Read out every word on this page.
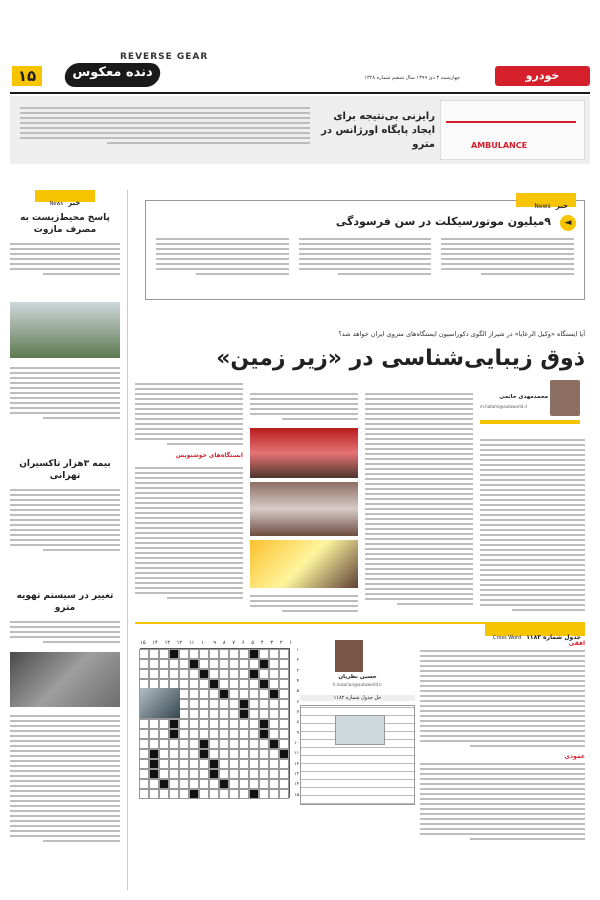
۱۵
REVERSE GEAR
دنده معکوس	چهارشنبه ۳ دی ۱۳۹۹ سال ششم شماره ۱۳۲۸	خودرو
AMBULANCE
رایزنی بی‌نتیجه برای ایجاد پایگاه اورژانس در مترو
خبر News
◄
۹میلیون موتورسیکلت در سن فرسودگی
خبر News
پاسخ محیط‌زیست به مصرف مازوت
بیمه ۳هزار تاکسیران تهرانی
تغییر در سیستم تهویه مترو
آیا ایستگاه «وکیل الرعایا» در شیراز الگوی دکوراسیون ایستگاه‌های متروی ایران خواهد شد؟
ذوق زیبایی‌شناسی در «زیر زمین»
محمدمهدی حاتمی
m.hatami@autoworld.ir
ایستگاه‌های خوشنویس
جدول شماره ۱۱۸۳ Cross Word
افقی
عمودی
حسین نظریان
h.nazarian@autoworld.ir
حل جدول شماره ۱۱۸۲
۱
۲
۳
۴
۵
۶
۷
۸
۹
۱۰
۱۱
۱۲
۱۳
۱۴
۱۵
۱
۲
۳
۴
۵
۶
۷
۸
۹
۱۰
۱۱
۱۲
۱۳
۱۴
۱۵
